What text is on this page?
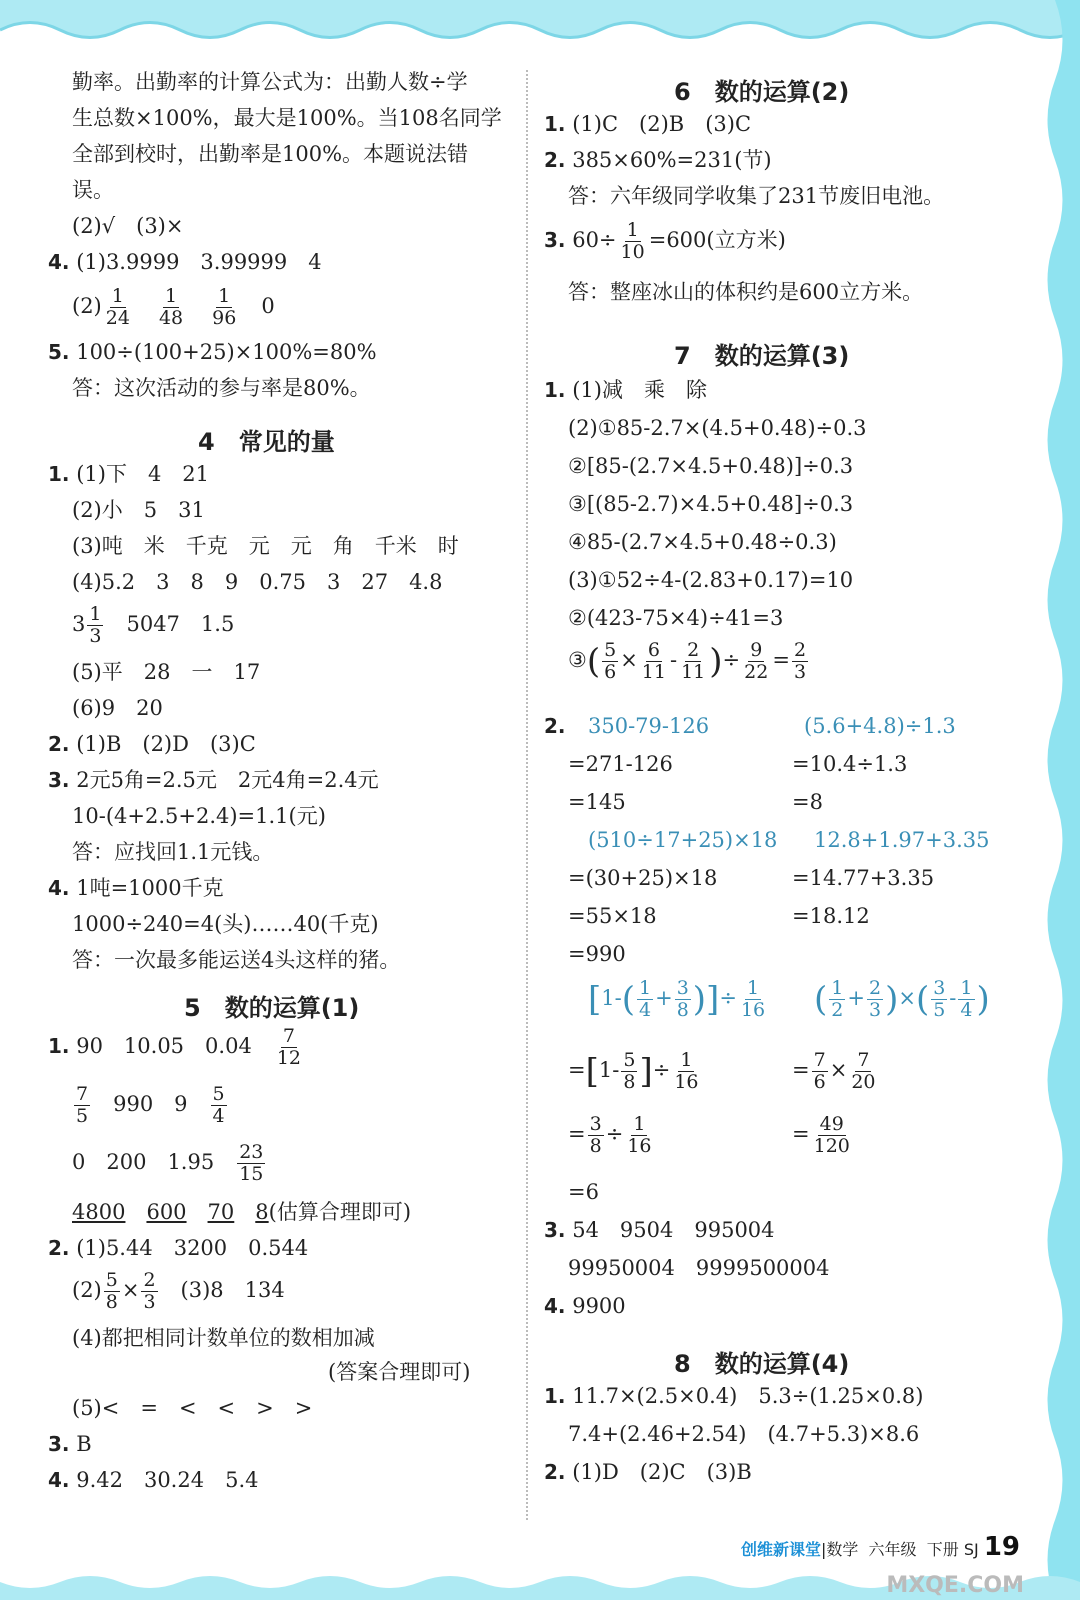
勤率。出勤率的计算公式为：出勤人数÷学
生总数×100%，最大是100%。当108名同学
全部到校时，出勤率是100%。本题说法错
误。
(2)√　(3)×
4. (1)3.9999　3.99999　4
$(2) \frac{1}{24}$
　 $\frac{1}{48}$
　 $\frac{1}{96}$
　 0
5. 100÷(100+25)×100%=80%
答：这次活动的参与率是80%。
4　常见的量
1. (1)下　4　21
(2)小　5　31
(3)吨　米　千克　元　元　角　千米　时
(4)5.2　3　8　9　0.75　3　27　4.8
$3 \frac{1}{3}$
　 5047　1.5
(5)平　28　一　17
(6)9　20
2. (1)B　(2)D　(3)C
3. 2元5角=2.5元　2元4角=2.4元
10-(4+2.5+2.4)=1.1(元)
答：应找回1.1元钱。
4. 1吨=1000千克
1000÷240=4(头)……40(千克)
答：一次最多能运送4头这样的猪。
5　数的运算(1)
1. 90　10.05　0.04　 $\frac{7}{12}$
$\frac{7}{5}$
　 990　9　 $\frac{5}{4}$
0　200　1.95　 $\frac{23}{15}$
4800　 600　 70　 8(估算合理即可)
2. (1)5.44　3200　0.544
$(2) \frac{5}{8} \times \frac{2}{3}$
　 (3)8　134
(4)都把相同计数单位的数相加减
(答案合理即可)
(5)<　=　<　<　>　>
3. B
4. 9.42　30.24　5.4
6　数的运算(2)
1. (1)C　(2)B　(3)C
2. 385×60%=231(节)
答：六年级同学收集了231节废旧电池。
3. $60\div \frac{1}{10} =600$(立方米)
答：整座冰山的体积约是600立方米。
7　数的运算(3)
1. (1)减　乘　除
(2)①85-2.7×(4.5+0.48)÷0.3
②[85-(2.7×4.5+0.48)]÷0.3
③[(85-2.7)×4.5+0.48]÷0.3
④85-(2.7×4.5+0.48÷0.3)
(3)①52÷4-(2.83+0.17)=10
②(423-75×4)÷41=3
③( $\frac{5}{6} \times \frac{6}{11} - \frac{2}{11}$ )÷ $\frac{9}{22} = \frac{2}{3}$
2. 350-79-126
=271-126
=145
(5.6+4.8)÷1.3
=10.4÷1.3
=8
(510÷17+25)×18
=(30+25)×18
=55×18
=990
12.8+1.97+3.35
=14.77+3.35
=18.12
[$1-( \frac{1}{4} + \frac{3}{8}$ )]÷ $\frac{1}{16}$ ( $\frac{1}{2} + \frac{2}{3}$ )×( $\frac{3}{5} - \frac{1}{4}$ )
$=[1- \frac{5}{8}$ ]÷ $\frac{1}{16}$	= $\frac{7}{6} \times \frac{7}{20}$
= $\frac{3}{8} \div \frac{1}{16}$	= $\frac{49}{120}$
=6
3. 54　9504　995004
99950004　9999500004
4. 9900
8　数的运算(4)
1. 11.7×(2.5×0.4)　5.3÷(1.25×0.8)
7.4+(2.46+2.54)　(4.7+5.3)×8.6
2. (1)D　(2)C　(3)B

创维新课堂|数学 六年级 下册 SJ 19

MXQE.COM
